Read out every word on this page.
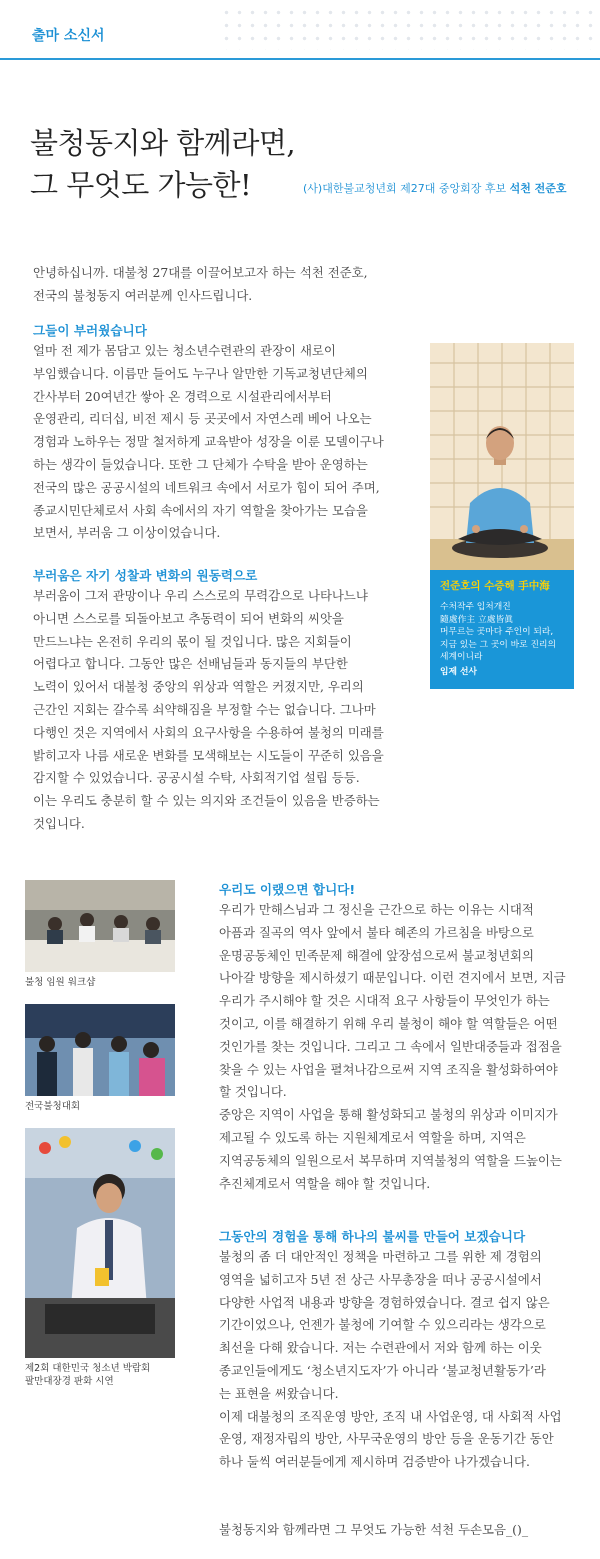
출마 소신서
불청동지와 함께라면,
그 무엇도 가능한!	(사)대한불교청년회 제27대 중앙회장 후보 석천 전준호
안녕하십니까. 대불청 27대를 이끌어보고자 하는 석천 전준호,
전국의 불청동지 여러분께 인사드립니다.
그들이 부러웠습니다
얼마 전 제가 몸담고 있는 청소년수련관의 관장이 새로이
부임했습니다. 이름만 들어도 누구나 알만한 기독교청년단체의
간사부터 20여년간 쌓아 온 경력으로 시설관리에서부터
운영관리, 리더십, 비전 제시 등 곳곳에서 자연스레 베어 나오는
경험과 노하우는 정말 철저하게 교육받아 성장을 이룬 모델이구나
하는 생각이 들었습니다. 또한 그 단체가 수탁을 받아 운영하는
전국의 많은 공공시설의 네트워크 속에서 서로가 힘이 되어 주며,
종교시민단체로서 사회 속에서의 자기 역할을 찾아가는 모습을
보면서, 부러움 그 이상이었습니다.
부러움은 자기 성찰과 변화의 원동력으로
부러움이 그저 관망이나 우리 스스로의 무력감으로 나타나느냐
아니면 스스로를 되돌아보고 추동력이 되어 변화의 씨앗을
만드느냐는 온전히 우리의 몫이 될 것입니다. 많은 지회들이
어렵다고 합니다. 그동안 많은 선배님들과 동지들의 부단한
노력이 있어서 대불청 중앙의 위상과 역할은 커졌지만, 우리의
근간인 지회는 갈수록 쇠약해짐을 부정할 수는 없습니다. 그나마
다행인 것은 지역에서 사회의 요구사항을 수용하여 불청의 미래를
밝히고자 나름 새로운 변화를 모색해보는 시도들이 꾸준히 있음을
감지할 수 있었습니다. 공공시설 수탁, 사회적기업 설립 등등.
이는 우리도 충분히 할 수 있는 의지와 조건들이 있음을 반증하는
것입니다.
전준호의 수증해 手中海
수처작주 입처개진
隨處作主 立處皆眞
머무르는 곳마다 주인이 되라,
지금 있는 그 곳이 바로 진리의
세계이니라
임제 선사
불청 임원 워크샵
전국불청대회
제2회 대한민국 청소년 박람회
팔만대장경 판화 시연
우리도 이랬으면 합니다!
우리가 만해스님과 그 정신을 근간으로 하는 이유는 시대적
아픔과 질곡의 역사 앞에서 불타 혜존의 가르침을 바탕으로
운명공동체인 민족문제 해결에 앞장섬으로써 불교청년회의
나아갈 방향을 제시하셨기 때문입니다. 이런 견지에서 보면, 지금
우리가 주시해야 할 것은 시대적 요구 사항들이 무엇인가 하는
것이고, 이를 해결하기 위해 우리 불청이 해야 할 역할들은 어떤
것인가를 찾는 것입니다. 그리고 그 속에서 일반대중들과 접점을
찾을 수 있는 사업을 펼쳐나감으로써 지역 조직을 활성화하여야
할 것입니다.
중앙은 지역이 사업을 통해 활성화되고 불청의 위상과 이미지가
제고될 수 있도록 하는 지원체계로서 역할을 하며, 지역은
지역공동체의 일원으로서 복무하며 지역불청의 역할을 드높이는
추진체계로서 역할을 해야 할 것입니다.
그동안의 경험을 통해 하나의 불씨를 만들어 보겠습니다
불청의 좀 더 대안적인 정책을 마련하고 그를 위한 제 경험의
영역을 넓히고자 5년 전 상근 사무총장을 떠나 공공시설에서
다양한 사업적 내용과 방향을 경험하였습니다. 결코 쉽지 않은
기간이었으나, 언젠가 불청에 기여할 수 있으리라는 생각으로
최선을 다해 왔습니다. 저는 수련관에서 저와 함께 하는 이웃
종교인들에게도 ‘청소년지도자’가 아니라 ‘불교청년활동가’라
는 표현을 써왔습니다.
이제 대불청의 조직운영 방안, 조직 내 사업운영, 대 사회적 사업
운영, 재정자립의 방안, 사무국운영의 방안 등을 운동기간 동안
하나 둘씩 여러분들에게 제시하며 검증받아 나가겠습니다.
불청동지와 함께라면 그 무엇도 가능한 석천 두손모음_()_
